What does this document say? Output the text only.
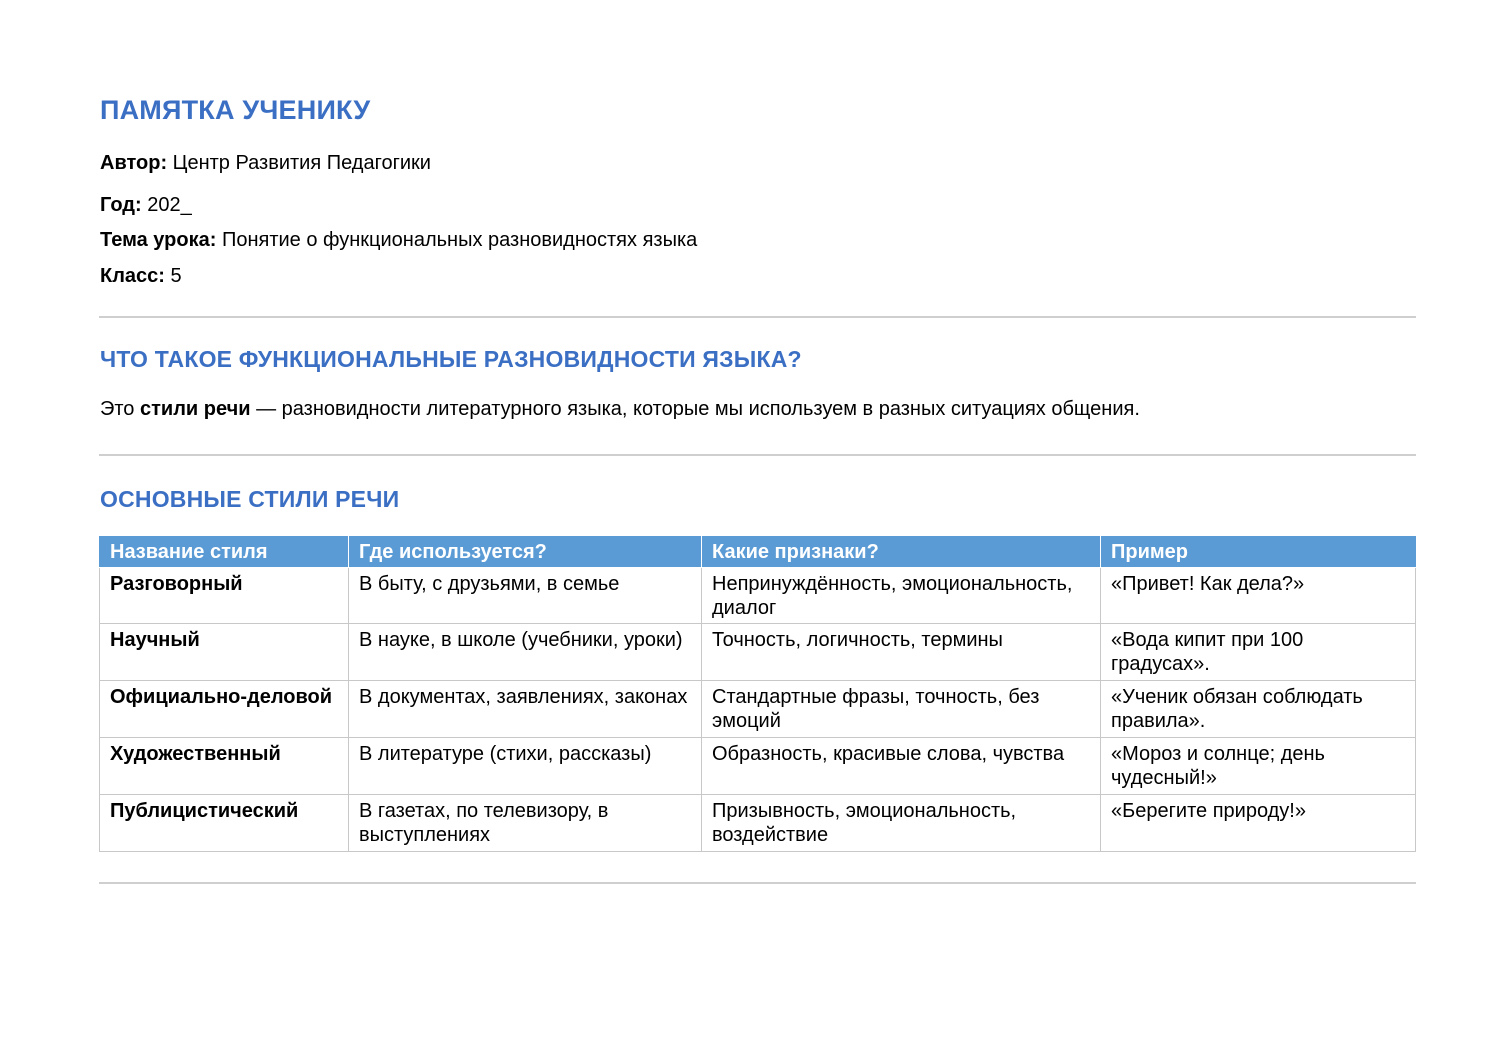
ПАМЯТКА УЧЕНИКУ

Автор: Центр Развития Педагогики

Год: 202_

Тема урока: Понятие о функциональных разновидностях языка

Класс: 5

ЧТО ТАКОЕ ФУНКЦИОНАЛЬНЫЕ РАЗНОВИДНОСТИ ЯЗЫКА?

Это стили речи — разновидности литературного языка, которые мы используем в разных ситуациях общения.

ОСНОВНЫЕ СТИЛИ РЕЧИ
Название стиля	Где используется?	Какие признаки?	Пример
Разговорный	В быту, с друзьями, в семье	Непринуждённость, эмоциональность, диалог	«Привет! Как дела?»
Научный	В науке, в школе (учебники, уроки)	Точность, логичность, термины	«Вода кипит при 100 градусах».
Официально-деловой	В документах, заявлениях, законах	Стандартные фразы, точность, без эмоций	«Ученик обязан соблюдать правила».
Художественный	В литературе (стихи, рассказы)	Образность, красивые слова, чувства	«Мороз и солнце; день чудесный!»
Публицистический	В газетах, по телевизору, в выступлениях	Призывность, эмоциональность, воздействие	«Берегите природу!»
